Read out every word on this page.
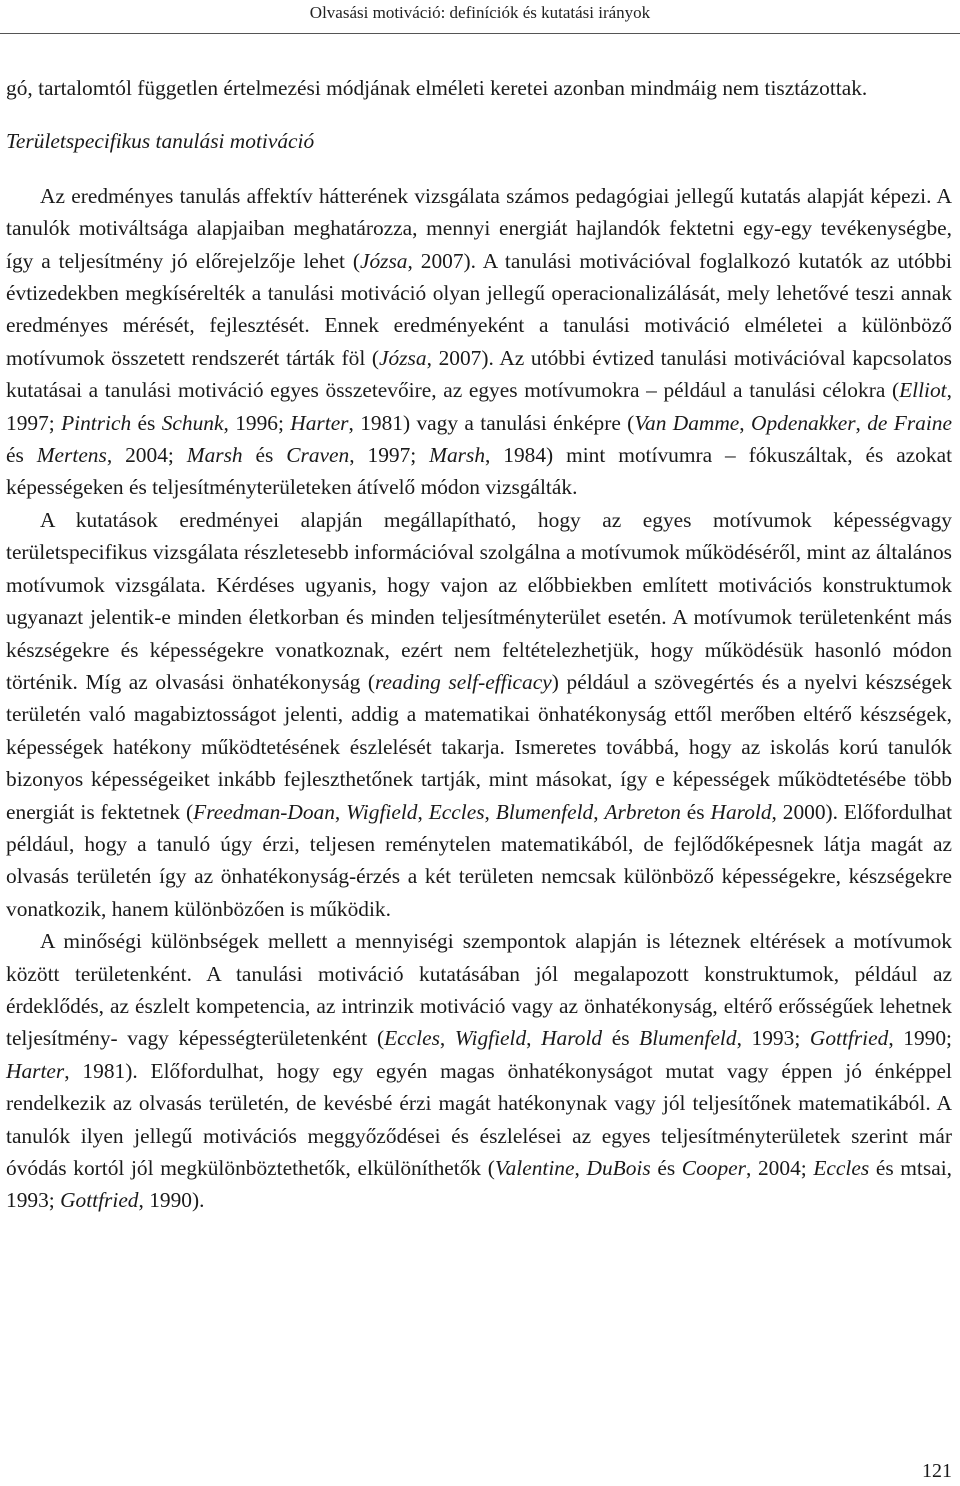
Olvasási motiváció: definíciók és kutatási irányok

gó, tartalomtól független értelmezési módjának elméleti keretei azonban mindmáig nem tisztázottak.

Területspecifikus tanulási motiváció

Az eredményes tanulás affektív hátterének vizsgálata számos pedagógiai jellegű kutatás alapját képezi. A tanulók motiváltsága alapjaiban meghatározza, mennyi energiát hajlandók fektetni egy-egy tevékenységbe, így a teljesítmény jó előrejelzője lehet (Józsa, 2007). A tanulási motivációval foglalkozó kutatók az utóbbi évtizedekben megkísérelték a tanulási motiváció olyan jellegű operacionalizálását, mely lehetővé teszi annak eredményes mérését, fejlesztését. Ennek eredményeként a tanulási motiváció elméletei a különböző motívumok összetett rendszerét tárták föl (Józsa, 2007). Az utóbbi évtized tanulási motivációval kapcsolatos kutatásai a tanulási motiváció egyes összetevőire, az egyes motívumokra – például a tanulási célokra (Elliot, 1997; Pintrich és Schunk, 1996; Harter, 1981) vagy a tanulási énképre (Van Damme, Opdenakker, de Fraine és Mertens, 2004; Marsh és Craven, 1997; Marsh, 1984) mint motívumra – fókuszáltak, és azokat képességeken és teljesítményterületeken átívelő módon vizsgálták.

A kutatások eredményei alapján megállapítható, hogy az egyes motívumok képességvagy területspecifikus vizsgálata részletesebb információval szolgálna a motívumok működéséről, mint az általános motívumok vizsgálata. Kérdéses ugyanis, hogy vajon az előbbiekben említett motivációs konstruktumok ugyanazt jelentik-e minden életkorban és minden teljesítményterület esetén. A motívumok területenként más készségekre és képességekre vonatkoznak, ezért nem feltételezhetjük, hogy működésük hasonló módon történik. Míg az olvasási önhatékonyság (reading self-efficacy) például a szövegértés és a nyelvi készségek területén való magabiztosságot jelenti, addig a matematikai önhatékonyság ettől merőben eltérő készségek, képességek hatékony működtetésének észlelését takarja. Ismeretes továbbá, hogy az iskolás korú tanulók bizonyos képességeiket inkább fejleszthetőnek tartják, mint másokat, így e képességek működtetésébe több energiát is fektetnek (Freedman-Doan, Wigfield, Eccles, Blumenfeld, Arbreton és Harold, 2000). Előfordulhat például, hogy a tanuló úgy érzi, teljesen reménytelen matematikából, de fejlődőképesnek látja magát az olvasás területén így az önhatékonyság-érzés a két területen nemcsak különböző képességekre, készségekre vonatkozik, hanem különbözően is működik.

A minőségi különbségek mellett a mennyiségi szempontok alapján is léteznek eltérések a motívumok között területenként. A tanulási motiváció kutatásában jól megalapozott konstruktumok, például az érdeklődés, az észlelt kompetencia, az intrinzik motiváció vagy az önhatékonyság, eltérő erősségűek lehetnek teljesítmény- vagy képességterületenként (Eccles, Wigfield, Harold és Blumenfeld, 1993; Gottfried, 1990; Harter, 1981). Előfordulhat, hogy egy egyén magas önhatékonyságot mutat vagy éppen jó énképpel rendelkezik az olvasás területén, de kevésbé érzi magát hatékonynak vagy jól teljesítőnek matematikából. A tanulók ilyen jellegű motivációs meggyőződései és észlelései az egyes teljesítményterületek szerint már óvódás kortól jól megkülönböztethetők, elkülöníthetők (Valentine, DuBois és Cooper, 2004; Eccles és mtsai, 1993; Gottfried, 1990).

121
